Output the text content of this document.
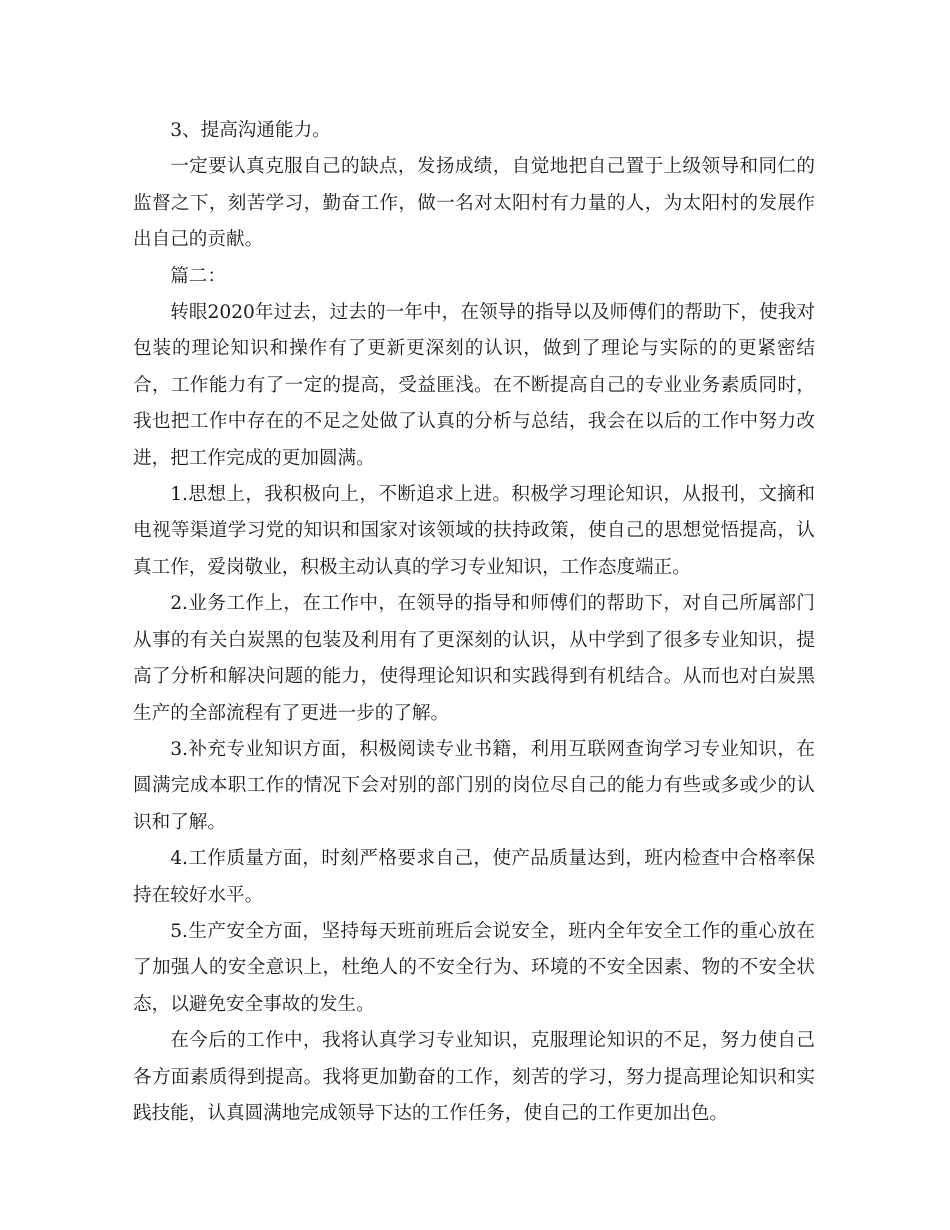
3、提高沟通能力。

一定要认真克服自己的缺点，发扬成绩，自觉地把自己置于上级领导和同仁的监督之下，刻苦学习，勤奋工作，做一名对太阳村有力量的人，为太阳村的发展作出自己的贡献。

篇二：

转眼2020年过去，过去的一年中，在领导的指导以及师傅们的帮助下，使我对包装的理论知识和操作有了更新更深刻的认识，做到了理论与实际的的更紧密结合，工作能力有了一定的提高，受益匪浅。在不断提高自己的专业业务素质同时，我也把工作中存在的不足之处做了认真的分析与总结，我会在以后的工作中努力改进，把工作完成的更加圆满。

1.思想上，我积极向上，不断追求上进。积极学习理论知识，从报刊，文摘和电视等渠道学习党的知识和国家对该领域的扶持政策，使自己的思想觉悟提高，认真工作，爱岗敬业，积极主动认真的学习专业知识，工作态度端正。

2.业务工作上，在工作中，在领导的指导和师傅们的帮助下，对自己所属部门从事的有关白炭黑的包装及利用有了更深刻的认识，从中学到了很多专业知识，提高了分析和解决问题的能力，使得理论知识和实践得到有机结合。从而也对白炭黑生产的全部流程有了更进一步的了解。

3.补充专业知识方面，积极阅读专业书籍，利用互联网查询学习专业知识，在圆满完成本职工作的情况下会对别的部门别的岗位尽自己的能力有些或多或少的认识和了解。

4.工作质量方面，时刻严格要求自己，使产品质量达到，班内检查中合格率保持在较好水平。

5.生产安全方面，坚持每天班前班后会说安全，班内全年安全工作的重心放在了加强人的安全意识上，杜绝人的不安全行为、环境的不安全因素、物的不安全状态，以避免安全事故的发生。

在今后的工作中，我将认真学习专业知识，克服理论知识的不足，努力使自己各方面素质得到提高。我将更加勤奋的工作，刻苦的学习，努力提高理论知识和实践技能，认真圆满地完成领导下达的工作任务，使自己的工作更加出色。
